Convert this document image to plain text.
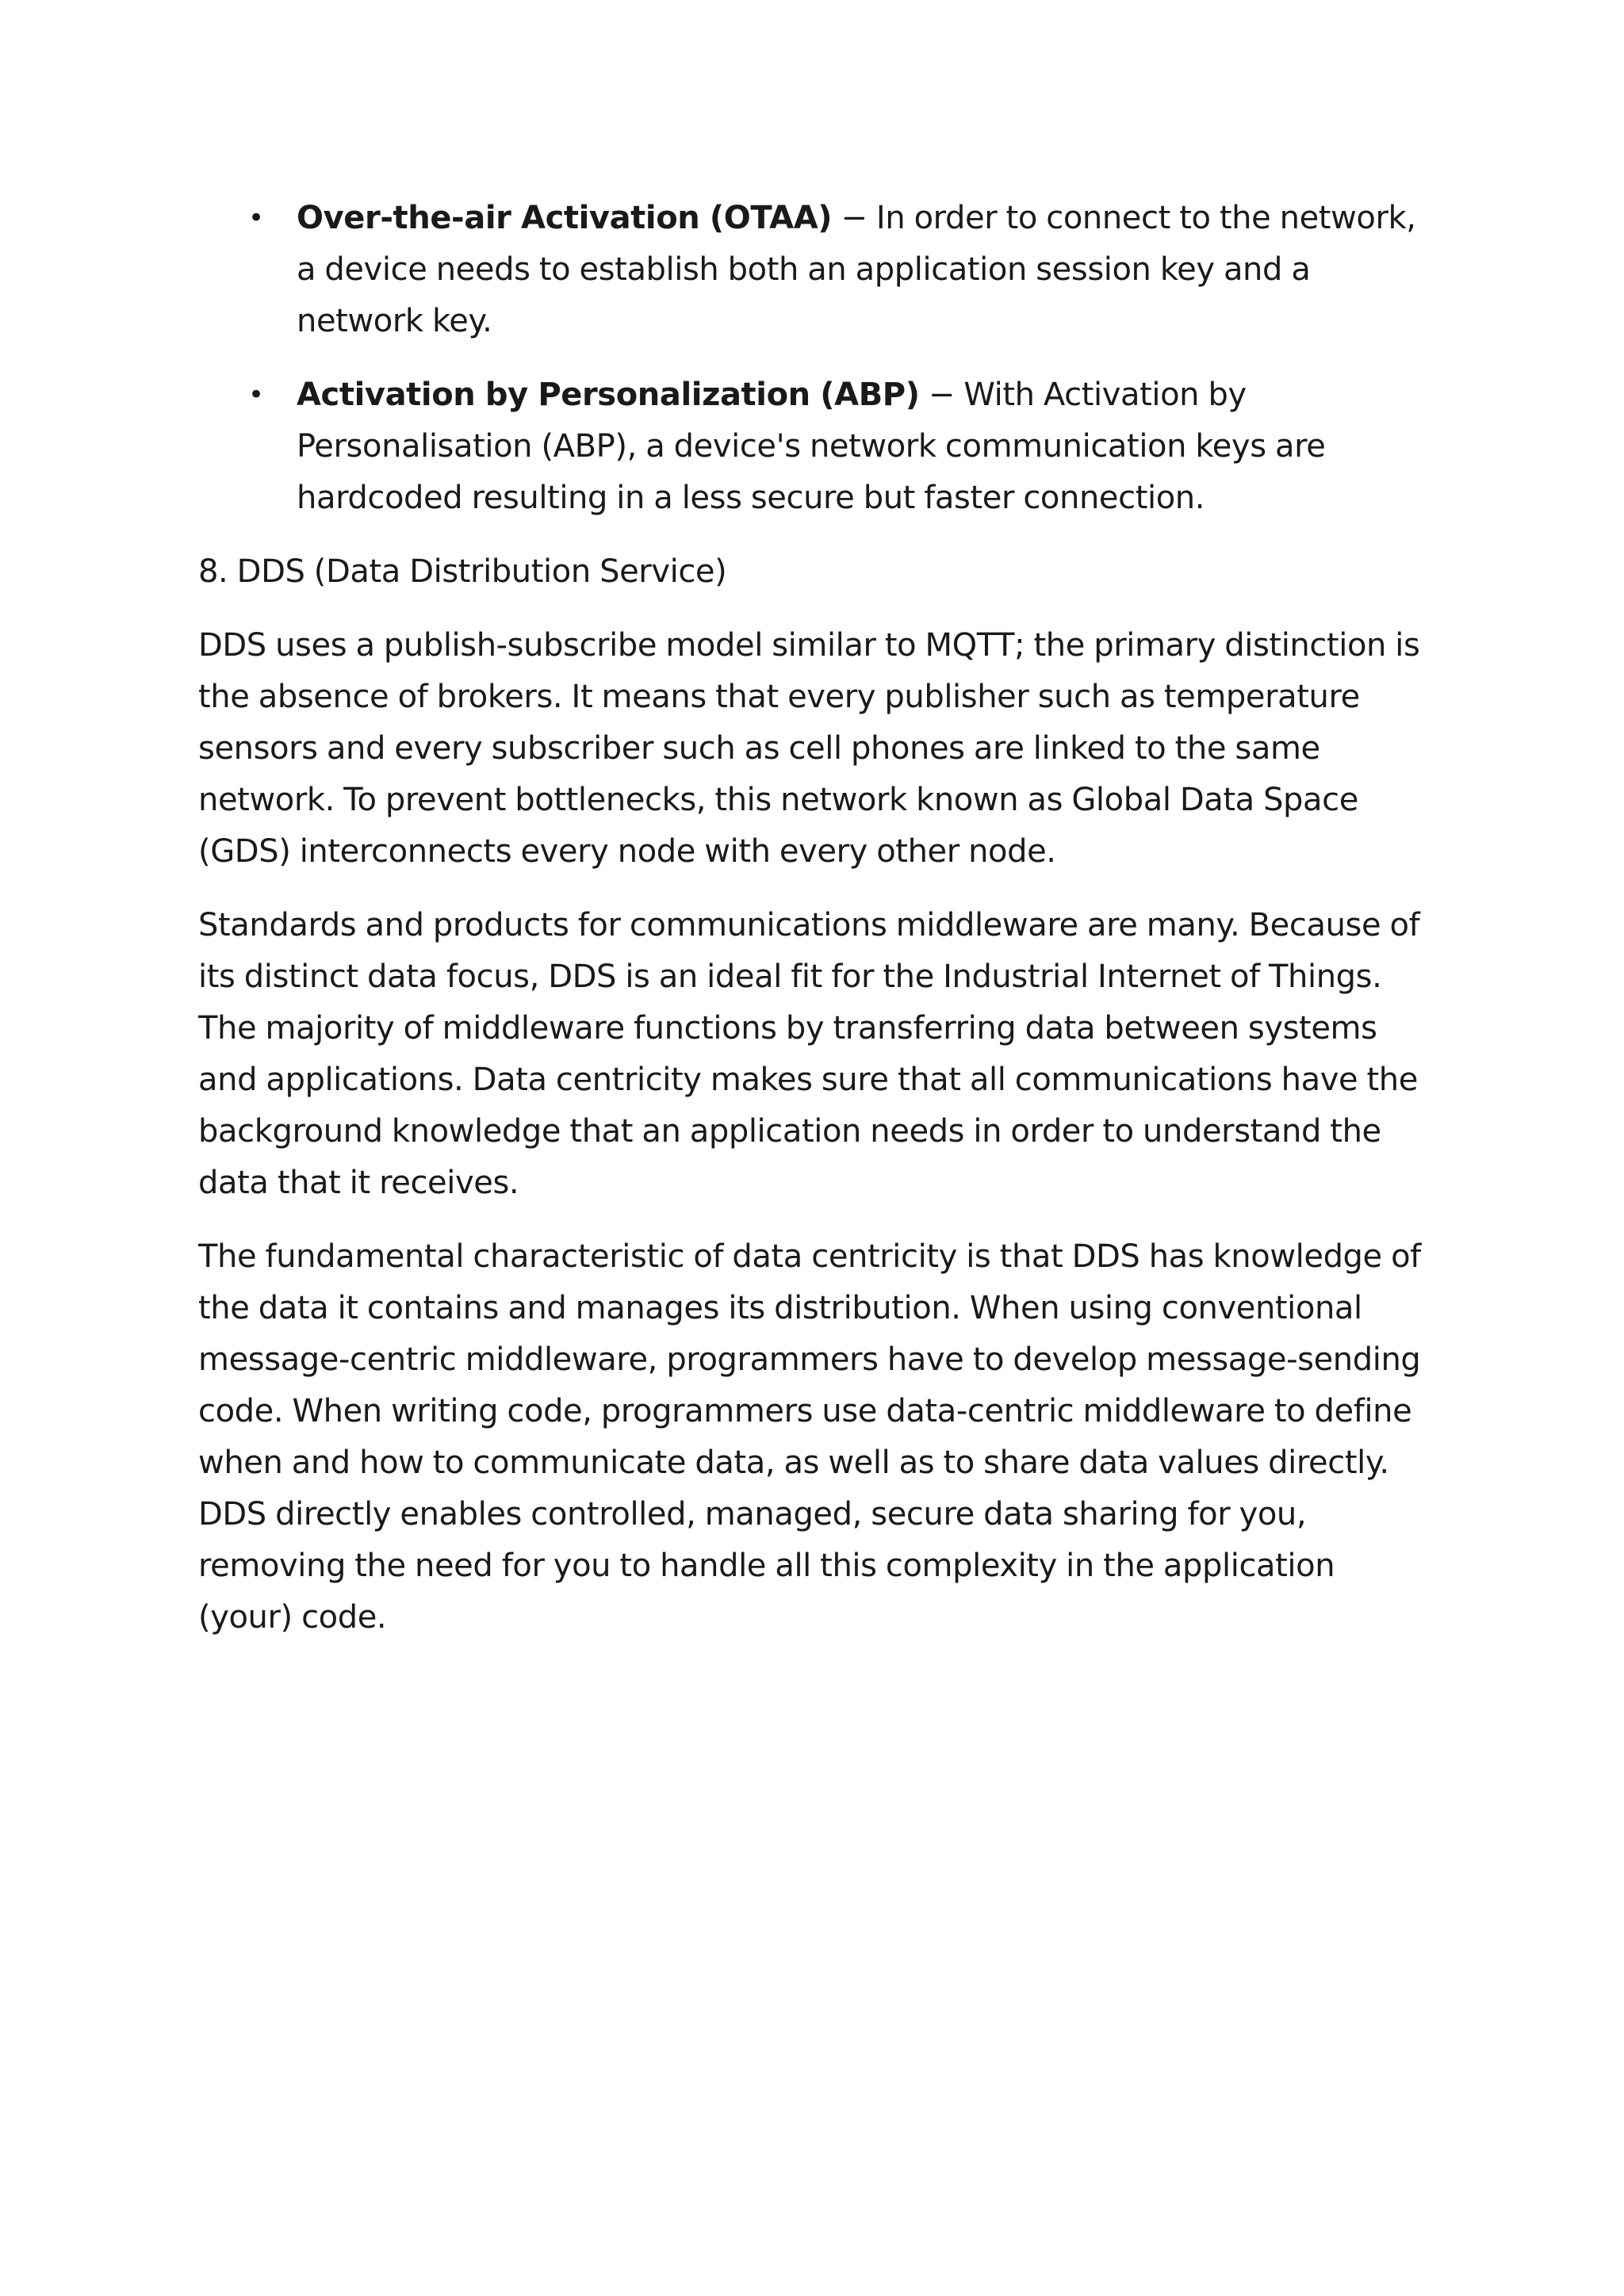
• Over-the-air Activation (OTAA) − In order to connect to the network, a device needs to establish both an application session key and a network key.
• Activation by Personalization (ABP) − With Activation by Personalisation (ABP), a device's network communication keys are hardcoded resulting in a less secure but faster connection.

8. DDS (Data Distribution Service)

DDS uses a publish-subscribe model similar to MQTT; the primary distinction is the absence of brokers. It means that every publisher such as temperature sensors and every subscriber such as cell phones are linked to the same network. To prevent bottlenecks, this network known as Global Data Space (GDS) interconnects every node with every other node.

Standards and products for communications middleware are many. Because of its distinct data focus, DDS is an ideal fit for the Industrial Internet of Things. The majority of middleware functions by transferring data between systems and applications. Data centricity makes sure that all communications have the background knowledge that an application needs in order to understand the data that it receives.

The fundamental characteristic of data centricity is that DDS has knowledge of the data it contains and manages its distribution. When using conventional message-centric middleware, programmers have to develop message-sending code. When writing code, programmers use data-centric middleware to define when and how to communicate data, as well as to share data values directly. DDS directly enables controlled, managed, secure data sharing for you, removing the need for you to handle all this complexity in the application (your) code.
